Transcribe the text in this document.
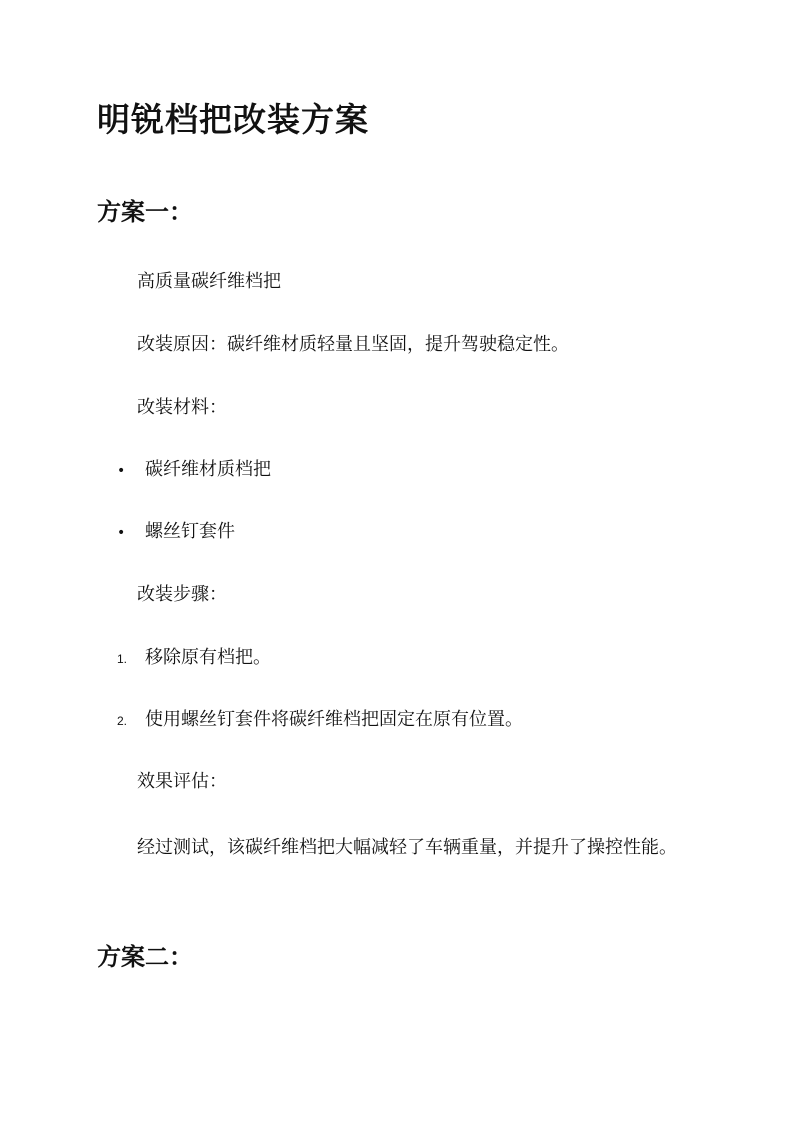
明锐档把改装方案
方案一：

高质量碳纤维档把

改装原因：碳纤维材质轻量且坚固，提升驾驶稳定性。

改装材料：

• 碳纤维材质档把
• 螺丝钉套件

改装步骤：

1. 移除原有档把。
2. 使用螺丝钉套件将碳纤维档把固定在原有位置。

效果评估：

经过测试，该碳纤维档把大幅减轻了车辆重量，并提升了操控性能。

方案二：
